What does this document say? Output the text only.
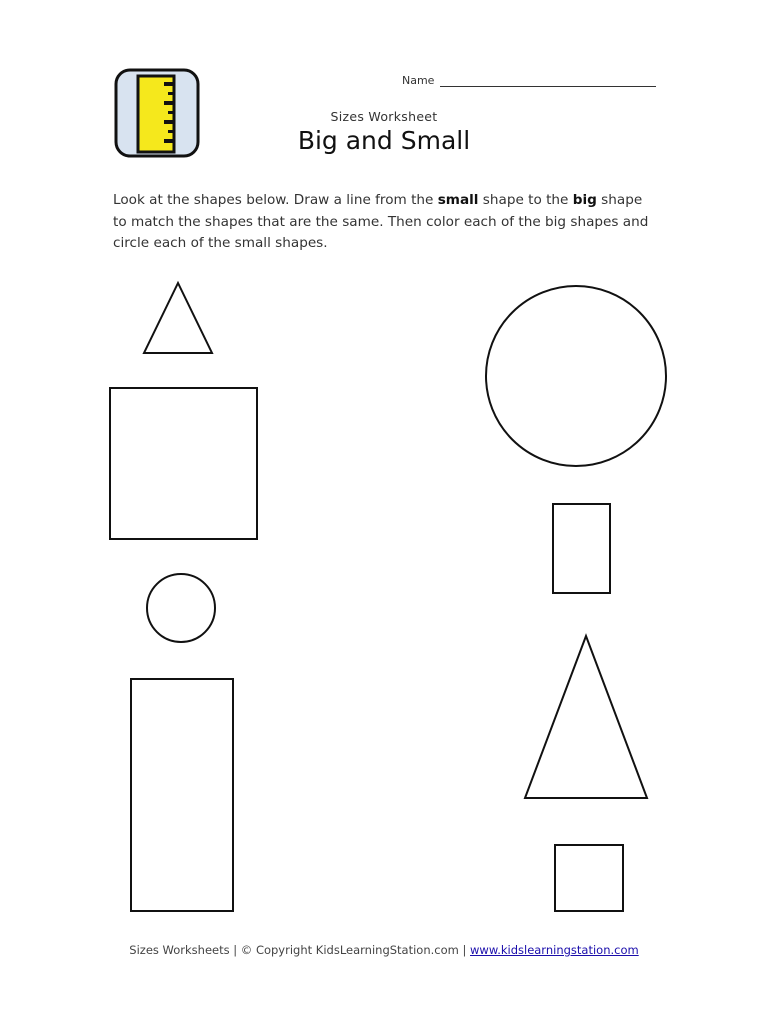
Name
Sizes Worksheet
Big and Small
Look at the shapes below. Draw a line from the small shape to the big shape to match the shapes that are the same. Then color each of the big shapes and circle each of the small shapes.
Sizes Worksheets | © Copyright KidsLearningStation.com | www.kidslearningstation.com
